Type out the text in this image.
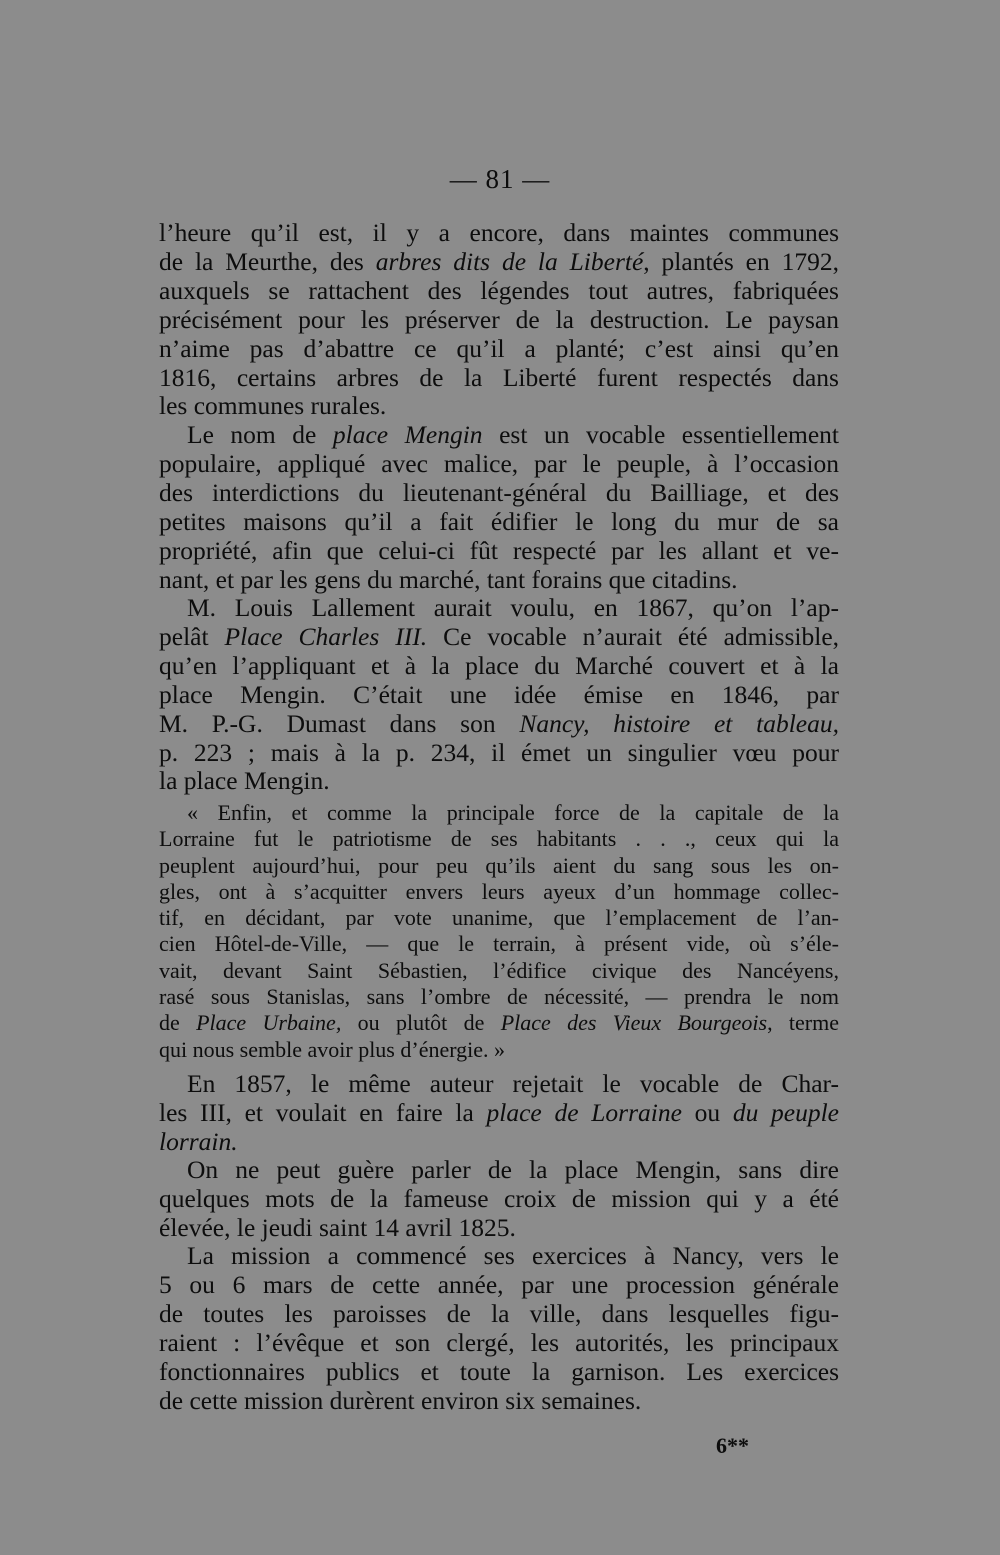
— 81 —
l’heure qu’il est, il y a encore, dans maintes communes
de la Meurthe, des arbres dits de la Liberté, plantés en 1792,
auxquels se rattachent des légendes tout autres, fabriquées
précisément pour les préserver de la destruction. Le paysan
n’aime pas d’abattre ce qu’il a planté; c’est ainsi qu’en
1816, certains arbres de la Liberté furent respectés dans
les communes rurales.
Le nom de place Mengin est un vocable essentiellement
populaire, appliqué avec malice, par le peuple, à l’occasion
des interdictions du lieutenant-général du Bailliage, et des
petites maisons qu’il a fait édifier le long du mur de sa
propriété, afin que celui-ci fût respecté par les allant et ve-
nant, et par les gens du marché, tant forains que citadins.
M. Louis Lallement aurait voulu, en 1867, qu’on l’ap-
pelât Place Charles III. Ce vocable n’aurait été admissible,
qu’en l’appliquant et à la place du Marché couvert et à la
place Mengin. C’était une idée émise en 1846, par
M. P.-G. Dumast dans son Nancy, histoire et tableau,
p. 223 ; mais à la p. 234, il émet un singulier vœu pour
la place Mengin.
« Enfin, et comme la principale force de la capitale de la
Lorraine fut le patriotisme de ses habitants . . ., ceux qui la
peuplent aujourd’hui, pour peu qu’ils aient du sang sous les on-
gles, ont à s’acquitter envers leurs ayeux d’un hommage collec-
tif, en décidant, par vote unanime, que l’emplacement de l’an-
cien Hôtel-de-Ville, — que le terrain, à présent vide, où s’éle-
vait, devant Saint Sébastien, l’édifice civique des Nancéyens,
rasé sous Stanislas, sans l’ombre de nécessité, — prendra le nom
de Place Urbaine, ou plutôt de Place des Vieux Bourgeois, terme
qui nous semble avoir plus d’énergie. »
En 1857, le même auteur rejetait le vocable de Char-
les III, et voulait en faire la place de Lorraine ou du peuple
lorrain.
On ne peut guère parler de la place Mengin, sans dire
quelques mots de la fameuse croix de mission qui y a été
élevée, le jeudi saint 14 avril 1825.
La mission a commencé ses exercices à Nancy, vers le
5 ou 6 mars de cette année, par une procession générale
de toutes les paroisses de la ville, dans lesquelles figu-
raient : l’évêque et son clergé, les autorités, les principaux
fonctionnaires publics et toute la garnison. Les exercices
de cette mission durèrent environ six semaines.
6**
